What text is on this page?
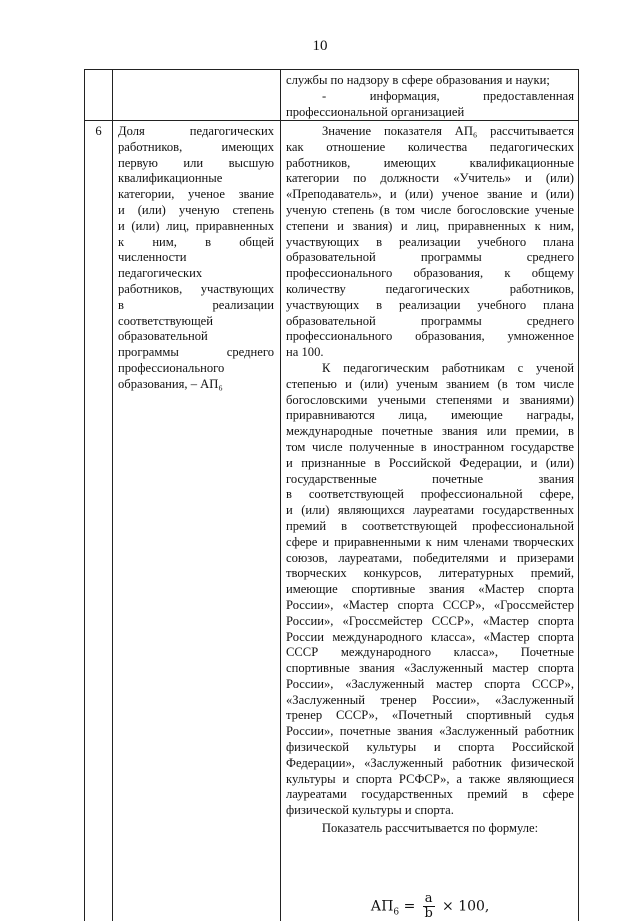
10
службы по надзору в сфере образования и науки;
- информация, предоставленная
профессиональной организацией
6	Доля педагогических
работников, имеющих
первую или высшую
квалификационные
категории, ученое звание
и (или) ученую степень
и (или) лиц, приравненных
к ним, в общей
численности
педагогических
работников, участвующих
в реализации
соответствующей
образовательной
программы среднего
профессионального
образования, – АП₆
Значение показателя АП₆ рассчитывается
как отношение количества педагогических
работников, имеющих квалификационные
категории по должности «Учитель» и (или)
«Преподаватель», и (или) ученое звание и (или)
ученую степень (в том числе богословские ученые
степени и звания) и лиц, приравненных к ним,
участвующих в реализации учебного плана
образовательной программы среднего
профессионального образования, к общему
количеству педагогических работников,
участвующих в реализации учебного плана
образовательной программы среднего
профессионального образования, умноженное
на 100.
К педагогическим работникам с ученой
степенью и (или) ученым званием (в том числе
богословскими учеными степенями и званиями)
приравниваются лица, имеющие награды,
международные почетные звания или премии, в
том числе полученные в иностранном государстве
и признанные в Российской Федерации, и (или)
государственные почетные звания
в соответствующей профессиональной сфере,
и (или) являющихся лауреатами государственных
премий в соответствующей профессиональной
сфере и приравненными к ним членами творческих
союзов, лауреатами, победителями и призерами
творческих конкурсов, литературных премий,
имеющие спортивные звания «Мастер спорта
России», «Мастер спорта СССР», «Гроссмейстер
России», «Гроссмейстер СССР», «Мастер спорта
России международного класса», «Мастер спорта
СССР международного класса», Почетные
спортивные звания «Заслуженный мастер спорта
России», «Заслуженный мастер спорта СССР»,
«Заслуженный тренер России», «Заслуженный
тренер СССР», «Почетный спортивный судья
России», почетные звания «Заслуженный работник
физической культуры и спорта Российской
Федерации», «Заслуженный работник физической
культуры и спорта РСФСР», а также являющиеся
лауреатами государственных премий в сфере
физической культуры и спорта.
Показатель рассчитывается по формуле:
$АП_6 = \frac{a}{b} \times 100$,
